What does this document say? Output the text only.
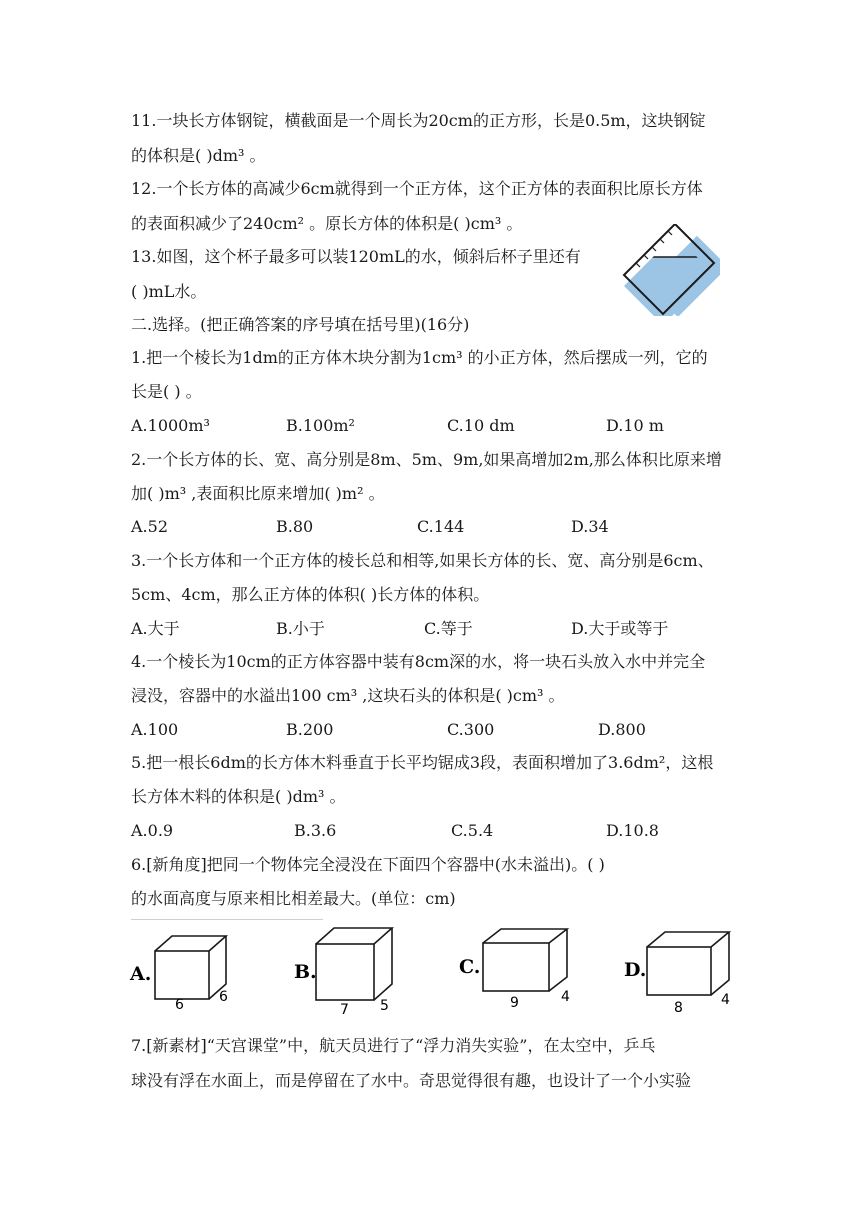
11.一块长方体钢锭，横截面是一个周长为20cm的正方形，长是0.5m，这块钢锭
的体积是( )dm³ 。
12.一个长方体的高减少6cm就得到一个正方体，这个正方体的表面积比原长方体
的表面积减少了240cm² 。原长方体的体积是( )cm³ 。
13.如图，这个杯子最多可以装120mL的水，倾斜后杯子里还有
( )mL水。
二.选择。(把正确答案的序号填在括号里)(16分)
1.把一个棱长为1dm的正方体木块分割为1cm³ 的小正方体，然后摆成一列，它的
长是( ) 。
A.1000m³	B.100m²	C.10 dm	D.10 m
2.一个长方体的长、宽、高分别是8m、5m、9m,如果高增加2m,那么体积比原来增
加( )m³ ,表面积比原来增加( )m² 。
A.52	B.80	C.144	D.34
3.一个长方体和一个正方体的棱长总和相等,如果长方体的长、宽、高分别是6cm、
5cm、4cm，那么正方体的体积( )长方体的体积。
A.大于	B.小于	C.等于	D.大于或等于
4.一个棱长为10cm的正方体容器中装有8cm深的水，将一块石头放入水中并完全
浸没，容器中的水溢出100 cm³ ,这块石头的体积是( )cm³ 。
A.100	B.200	C.300	D.800
5.把一根长6dm的长方体木料垂直于长平均锯成3段，表面积增加了3.6dm²，这根
长方体木料的体积是( )dm³ 。
A.0.9	B.3.6	C.5.4	D.10.8
6.[新角度]把同一个物体完全浸没在下面四个容器中(水未溢出)。( )
的水面高度与原来相比相差最大。(单位：cm)
A.
6	6
B.
7 5
C.
9	4
D.
8	4
7.[新素材]“天宫课堂”中，航天员进行了“浮力消失实验”，在太空中，乒乓
球没有浮在水面上，而是停留在了水中。奇思觉得很有趣，也设计了一个小实验
